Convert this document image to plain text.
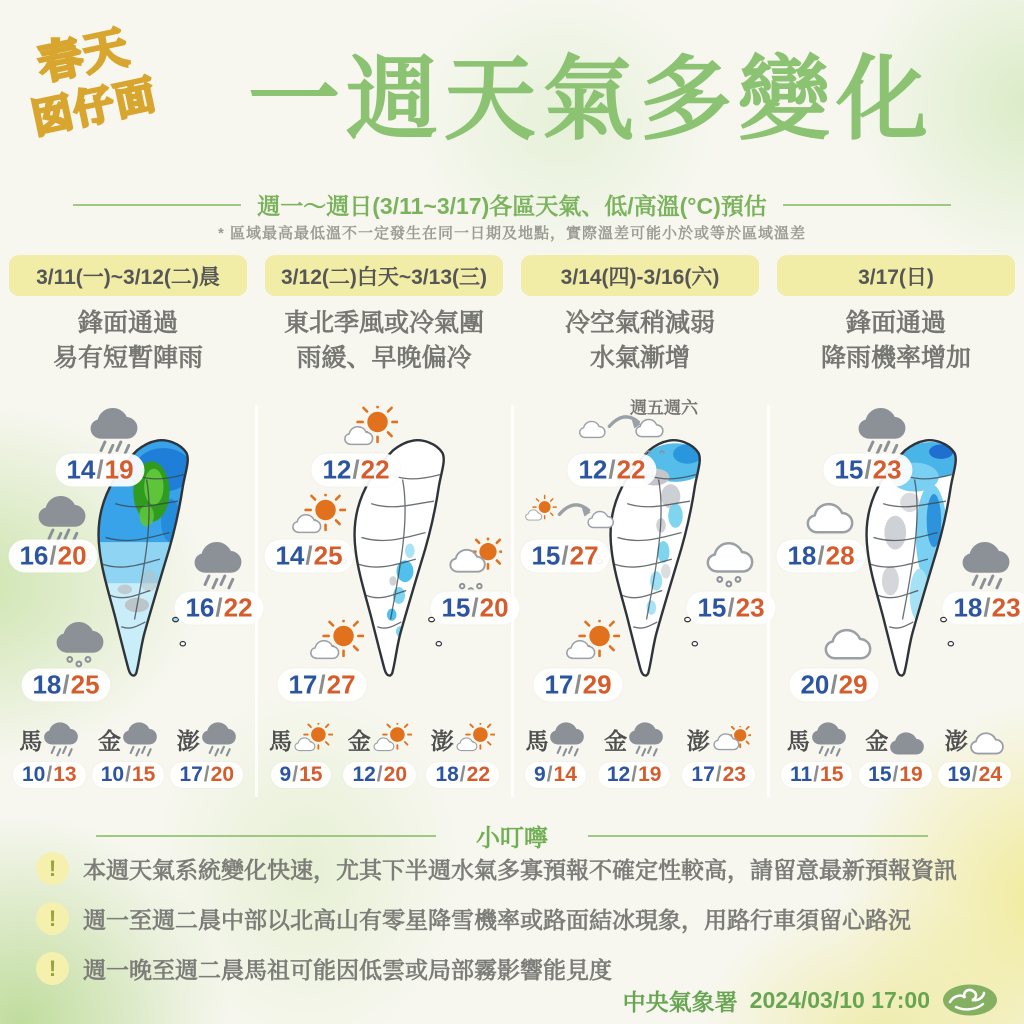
春天
囡仔面 一週天氣多變化
週一～週日(3/11~3/17)各區天氣、低/高溫(°C)預估
* 區域最高最低溫不一定發生在同一日期及地點，實際溫差可能小於或等於區域溫差
3/11(一)~3/12(二)晨
鋒面通過
易有短暫陣雨
14/19
16/20
16/22
18/25
馬
10/13
金
10/15
澎
17/20
3/12(二)白天~3/13(三)
東北季風或冷氣團
雨緩、早晚偏冷
12/22
14/25
15/20
17/27
馬
9/15
金
12/20
澎
18/22
3/14(四)-3/16(六)
冷空氣稍減弱
水氣漸增
週五週六
12/22
15/27
15/23
17/29
馬
9/14
金
12/19
澎
17/23
3/17(日)
鋒面通過
降雨機率增加
15/23
18/28
18/23
20/29
馬
11/15
金
15/19
澎
19/24
小叮嚀
!	本週天氣系統變化快速，尤其下半週水氣多寡預報不確定性較高，請留意最新預報資訊
!	週一至週二晨中部以北高山有零星降雪機率或路面結冰現象，用路行車須留心路況
!	週一晚至週二晨馬祖可能因低雲或局部霧影響能見度
中央氣象署 2024/03/10 17:00
